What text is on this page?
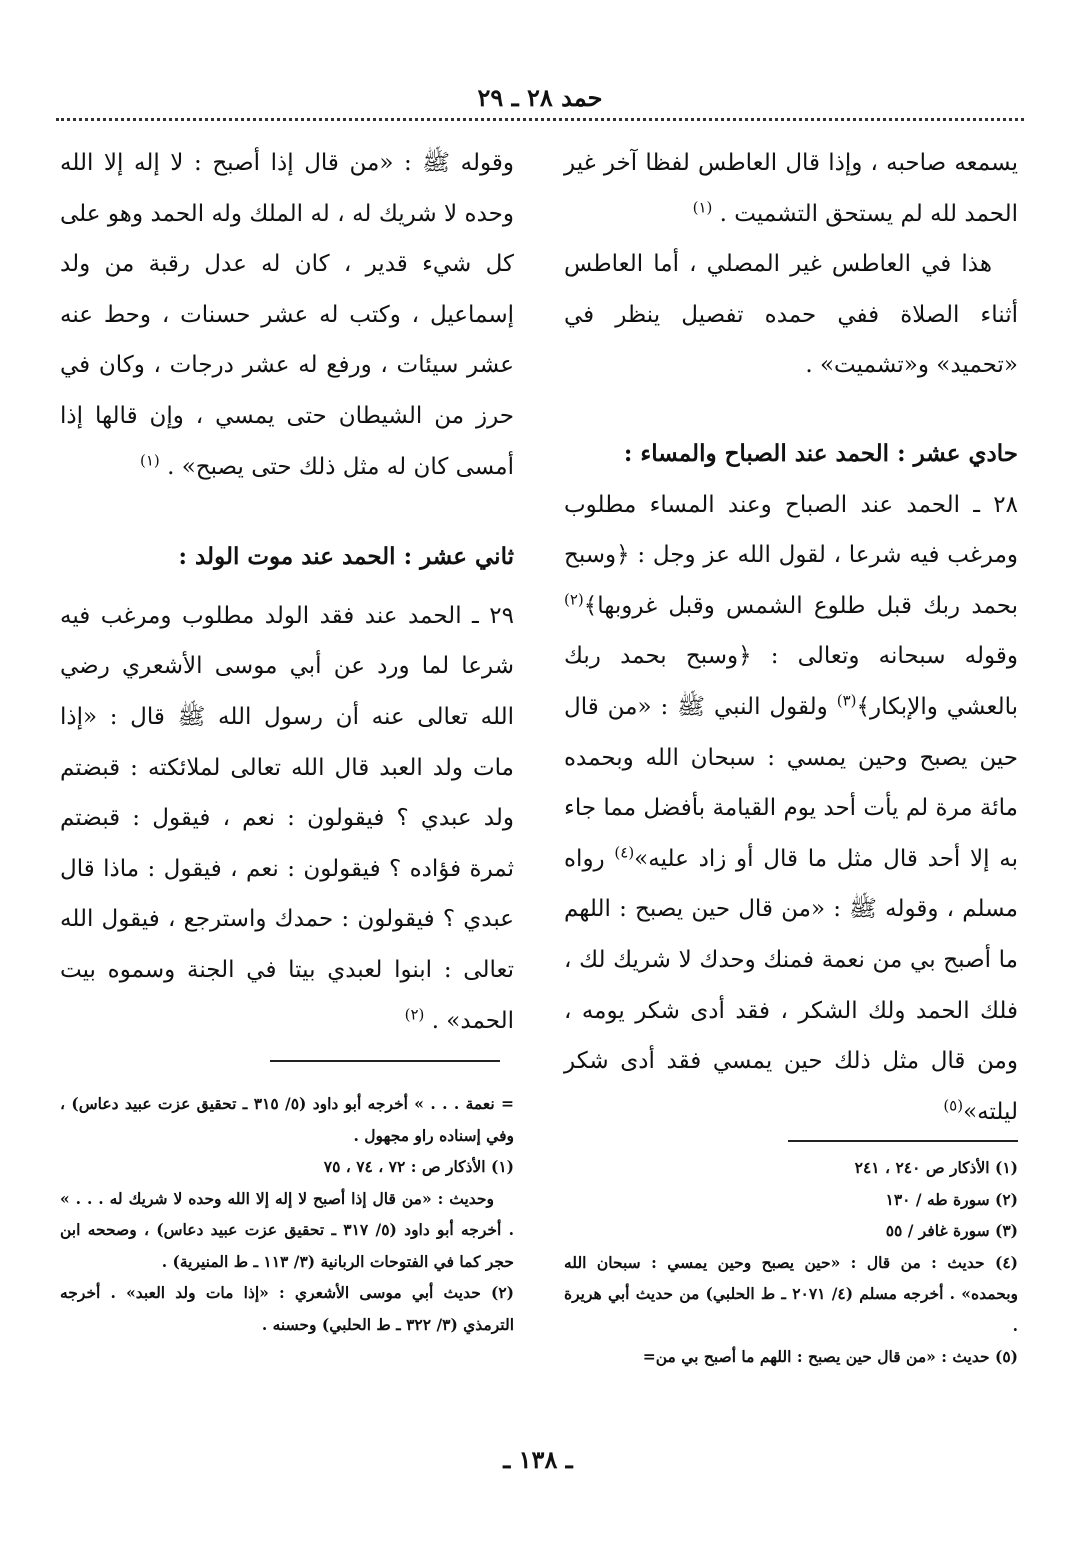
حمد ٢٨ ـ ٢٩

يسمعه صاحبه ، وإذا قال العاطس لفظا آخر غير الحمد لله لم يستحق التشميت . $^{(١)}$

هذا في العاطس غير المصلي ، أما العاطس أثناء الصلاة ففي حمده تفصيل ينظر في «تحميد» و«تشميت» .

حادي عشر : الحمد عند الصباح والمساء :

٢٨ ـ الحمد عند الصباح وعند المساء مطلوب ومرغب فيه شرعا ، لقول الله عز وجل : ﴿وسبح بحمد ربك قبل طلوع الشمس وقبل غروبها﴾$^{(٢)}$ وقوله سبحانه وتعالى : ﴿وسبح بحمد ربك بالعشي والإبكار﴾$^{(٣)}$ ولقول النبي ﷺ : «من قال حين يصبح وحين يمسي : سبحان الله وبحمده مائة مرة لم يأت أحد يوم القيامة بأفضل مما جاء به إلا أحد قال مثل ما قال أو زاد عليه»$^{(٤)}$ رواه مسلم ، وقوله ﷺ : «من قال حين يصبح : اللهم ما أصبح بي من نعمة فمنك وحدك لا شريك لك ، فلك الحمد ولك الشكر ، فقد أدى شكر يومه ، ومن قال مثل ذلك حين يمسي فقد أدى شكر ليلته»$^{(٥)}$

وقوله ﷺ : «من قال إذا أصبح : لا إله إلا الله وحده لا شريك له ، له الملك وله الحمد وهو على كل شيء قدير ، كان له عدل رقبة من ولد إسماعيل ، وكتب له عشر حسنات ، وحط عنه عشر سيئات ، ورفع له عشر درجات ، وكان في حرز من الشيطان حتى يمسي ، وإن قالها إذا أمسى كان له مثل ذلك حتى يصبح» . $^{(١)}$

ثاني عشر : الحمد عند موت الولد :

٢٩ ـ الحمد عند فقد الولد مطلوب ومرغب فيه شرعا لما ورد عن أبي موسى الأشعري رضي الله تعالى عنه أن رسول الله ﷺ قال : «إذا مات ولد العبد قال الله تعالى لملائكته : قبضتم ولد عبدي ؟ فيقولون : نعم ، فيقول : قبضتم ثمرة فؤاده ؟ فيقولون : نعم ، فيقول : ماذا قال عبدي ؟ فيقولون : حمدك واسترجع ، فيقول الله تعالى : ابنوا لعبدي بيتا في الجنة وسموه بيت الحمد» . $^{(٢)}$

(١) الأذكار ص ٢٤٠ ، ٢٤١

(٢) سورة طه / ١٣٠

(٣) سورة غافر / ٥٥

(٤) حديث : من قال : «حين يصبح وحين يمسي : سبحان الله وبحمده» . أخرجه مسلم (٤/ ٢٠٧١ ـ ط الحلبي) من حديث أبي هريرة .

(٥) حديث : «من قال حين يصبح : اللهم ما أصبح بي من=

= نعمة . . . » أخرجه أبو داود (٥/ ٣١٥ ـ تحقيق عزت عبيد دعاس) ، وفي إسناده راو مجهول .

(١) الأذكار ص : ٧٢ ، ٧٤ ، ٧٥

وحديث : «من قال إذا أصبح لا إله إلا الله وحده لا شريك له . . . » . أخرجه أبو داود (٥/ ٣١٧ ـ تحقيق عزت عبيد دعاس) ، وصححه ابن حجر كما في الفتوحات الربانية (٣/ ١١٣ ـ ط المنيرية) .

(٢) حديث أبي موسى الأشعري : «إذا مات ولد العبد» . أخرجه الترمذي (٣/ ٣٢٢ ـ ط الحلبي) وحسنه .

ـ ١٣٨ ـ
